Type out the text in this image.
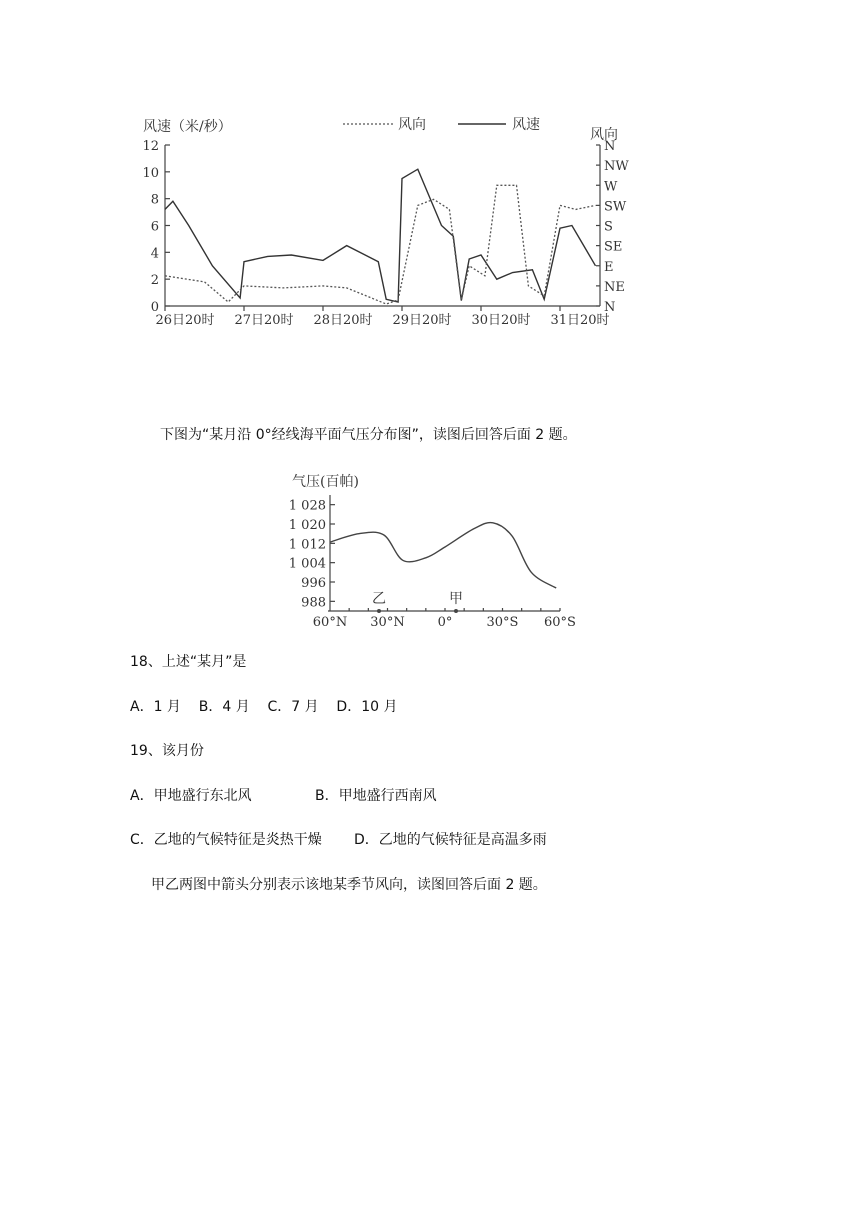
风速（米/秒）	风向
风向	风速
12
10
8
6
4
2
0
N
NW
W
SW
S
SE
E
NE
N
26日20时 27日20时 28日20时 29日20时 30日20时 31日20时
下图为“某月沿 0°经线海平面气压分布图”，读图后回答后面 2 题。
气压(百帕)
1 028
1 020
1 012
1 004
996
988
60°N 30°N	0°	30°S 60°S
乙	甲
18、上述“某月”是
A．1 月    B．4 月    C．7 月    D．10 月
19、该月份
A．甲地盛行东北风	B．甲地盛行西南风
C．乙地的气候特征是炎热干燥 D．乙地的气候特征是高温多雨
甲乙两图中箭头分别表示该地某季节风向，读图回答后面 2 题。
